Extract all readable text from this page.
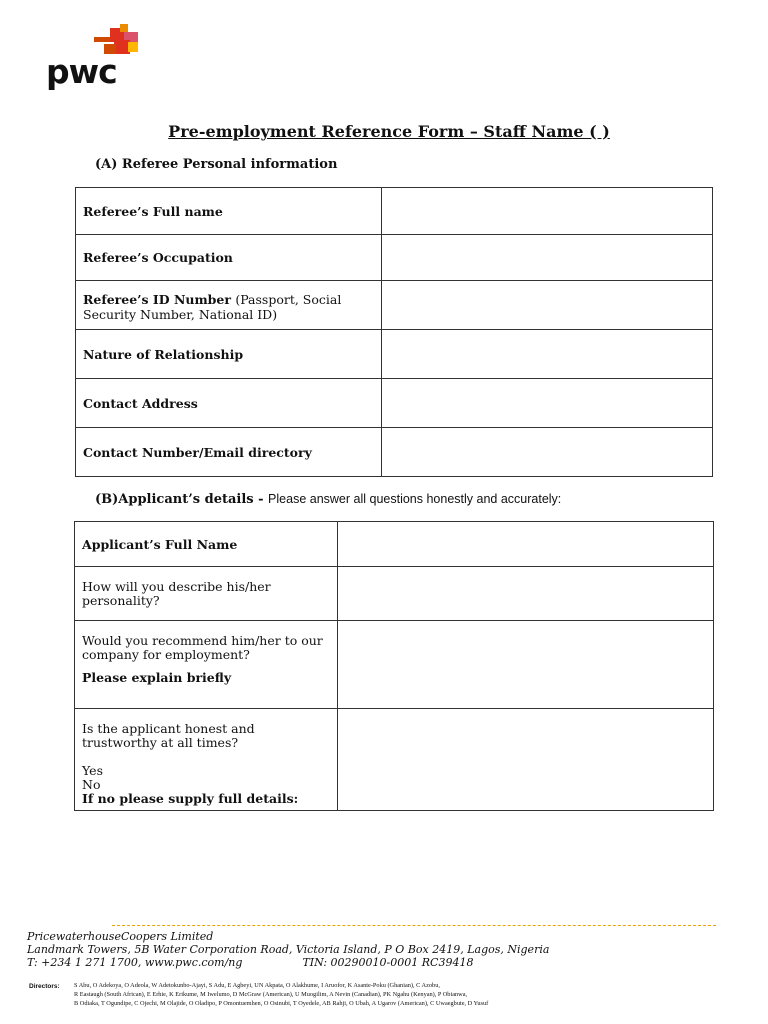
pwc
Pre-employment Reference Form – Staff Name ( )
(A) Referee Personal information
Referee’s Full name	
Referee’s Occupation	
Referee’s ID Number (Passport, Social Security Number, National ID)	
Nature of Relationship	
Contact Address	
Contact Number/Email directory	
(B)Applicant’s details - Please answer all questions honestly and accurately:
Applicant’s Full Name	
How will you describe his/her personality?	

Would you recommend him/her to our company for employment?
Please explain briefly	

Is the applicant honest and trustworthy at all times?
Yes
No
If no please supply full details:	

PricewaterhouseCoopers Limited
Landmark Towers, 5B Water Corporation Road, Victoria Island, P O Box 2419, Lagos, Nigeria
T: +234 1 271 1700, www.pwc.com/ng	TIN: 00290010-0001 RC39418
Directors: S Abu, O Adekoya, O Adeola, W Adetokunbo-Ajayi, S Adu, E Agbeyi, UN Akpata, O Alakhume, I Aruofor, K Asante-Poku (Ghanian), C Azobu,
R Eastaugh (South African), E Erhie, K Erikume, M Iwelumo, D McGraw (American), U Muogilim, A Nevin (Canadian), PK Ngahu (Kenyan), P Obianwa,
B Odiaka, T Ogundipe, C Ojechi, M Olajide, O Oladipo, P Omontuemhen, O Osinubi, T Oyedele, AB Rahji, O Ubah, A Ugarov (American), C Uwaegbute, D Yusuf
